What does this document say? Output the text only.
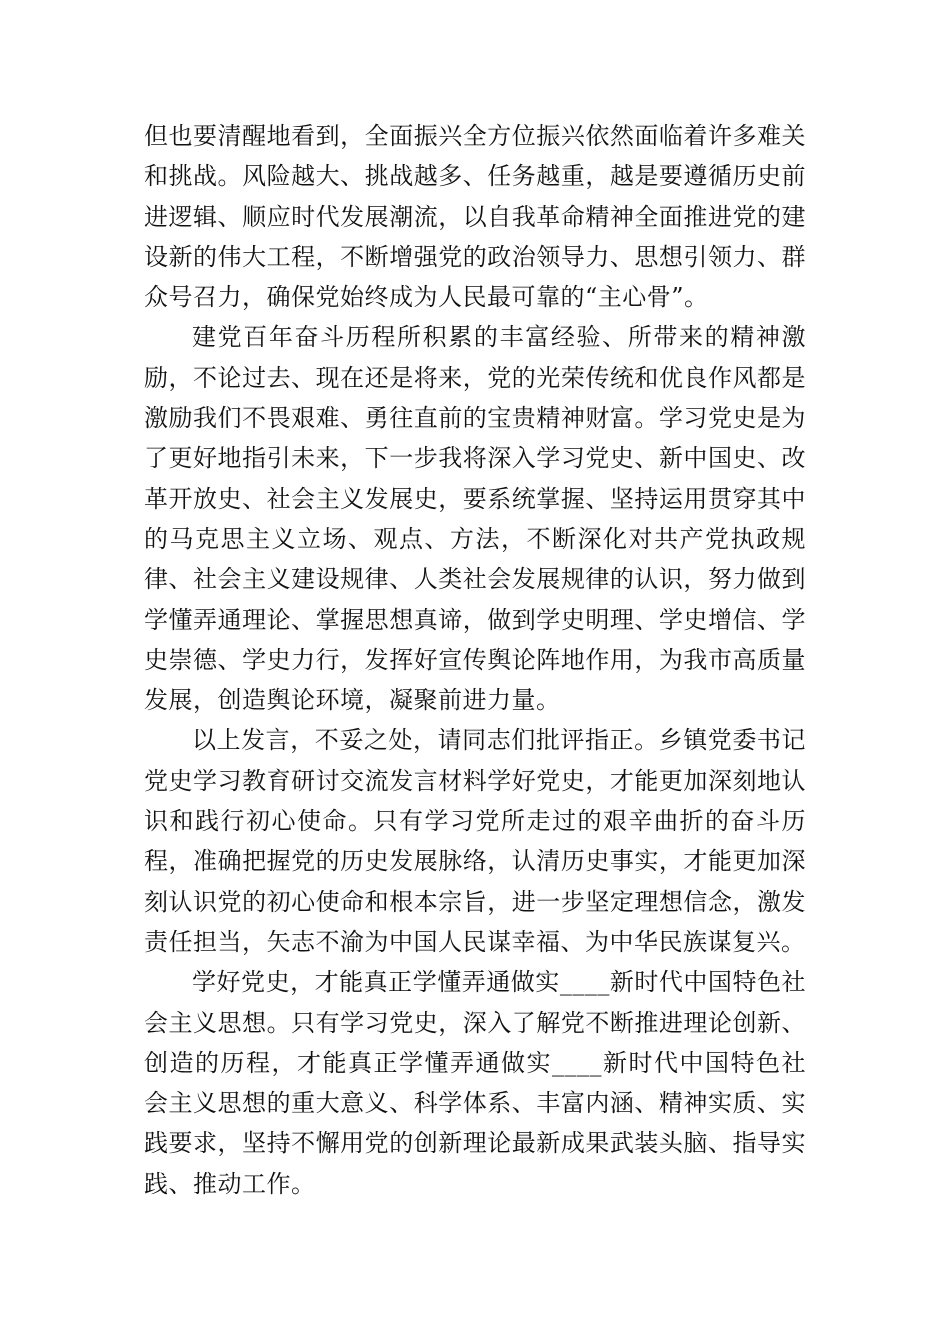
但也要清醒地看到，全面振兴全方位振兴依然面临着许多难关和挑战。风险越大、挑战越多、任务越重，越是要遵循历史前进逻辑、顺应时代发展潮流，以自我革命精神全面推进党的建设新的伟大工程，不断增强党的政治领导力、思想引领力、群众号召力，确保党始终成为人民最可靠的“主心骨”。

建党百年奋斗历程所积累的丰富经验、所带来的精神激励，不论过去、现在还是将来，党的光荣传统和优良作风都是激励我们不畏艰难、勇往直前的宝贵精神财富。学习党史是为了更好地指引未来，下一步我将深入学习党史、新中国史、改革开放史、社会主义发展史，要系统掌握、坚持运用贯穿其中的马克思主义立场、观点、方法，不断深化对共产党执政规律、社会主义建设规律、人类社会发展规律的认识，努力做到学懂弄通理论、掌握思想真谛，做到学史明理、学史增信、学史崇德、学史力行，发挥好宣传舆论阵地作用，为我市高质量发展，创造舆论环境，凝聚前进力量。

以上发言，不妥之处，请同志们批评指正。乡镇党委书记党史学习教育研讨交流发言材料学好党史，才能更加深刻地认识和践行初心使命。只有学习党所走过的艰辛曲折的奋斗历程，准确把握党的历史发展脉络，认清历史事实，才能更加深刻认识党的初心使命和根本宗旨，进一步坚定理想信念，激发责任担当，矢志不渝为中国人民谋幸福、为中华民族谋复兴。

学好党史，才能真正学懂弄通做实____新时代中国特色社会主义思想。只有学习党史，深入了解党不断推进理论创新、创造的历程，才能真正学懂弄通做实____新时代中国特色社会主义思想的重大意义、科学体系、丰富内涵、精神实质、实践要求，坚持不懈用党的创新理论最新成果武装头脑、指导实践、推动工作。
